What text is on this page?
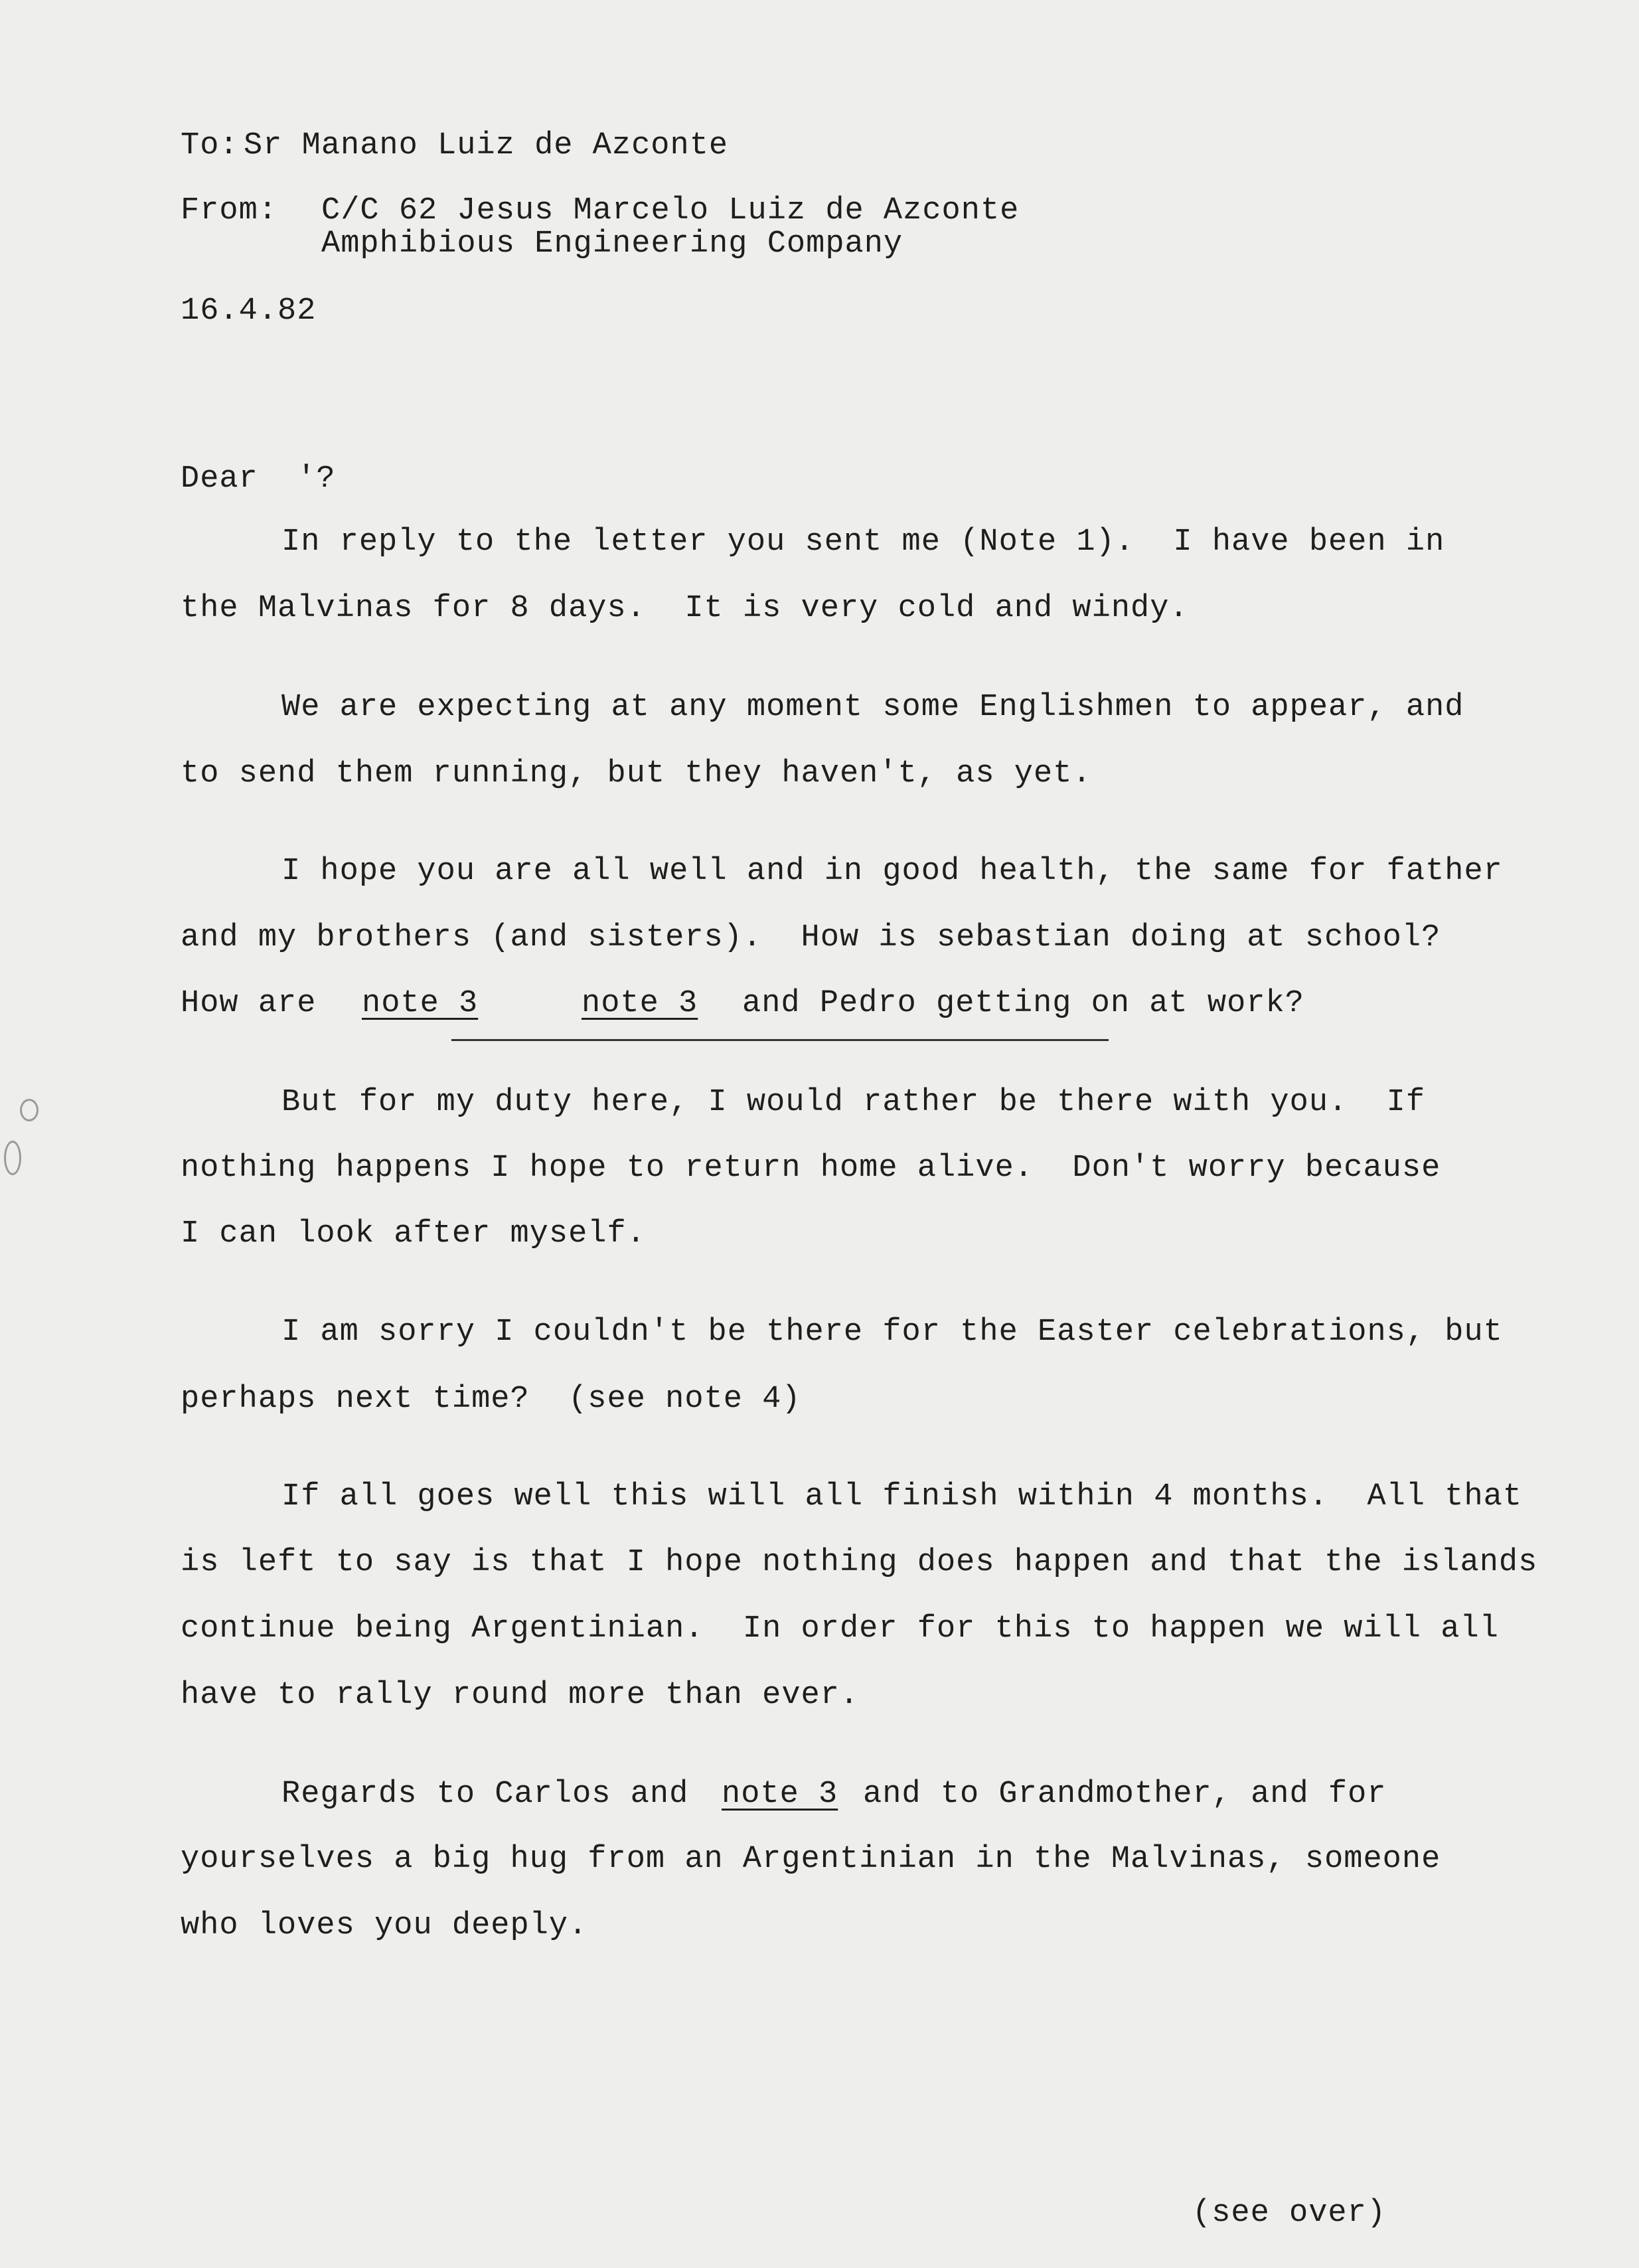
To: Sr Manano Luiz de Azconte
From: C/C 62 Jesus Marcelo Luiz de Azconte
Amphibious Engineering Company
16.4.82
Dear  '?
In reply to the letter you sent me (Note 1).  I have been in
the Malvinas for 8 days.  It is very cold and windy.
We are expecting at any moment some Englishmen to appear, and
to send them running, but they haven't, as yet.
I hope you are all well and in good health, the same for father
and my brothers (and sisters).  How is sebastian doing at school?
How are note 3	note 3 and Pedro getting on at work?
But for my duty here, I would rather be there with you.  If
nothing happens I hope to return home alive.  Don't worry because
I can look after myself.
I am sorry I couldn't be there for the Easter celebrations, but
perhaps next time?  (see note 4)
If all goes well this will all finish within 4 months.  All that
is left to say is that I hope nothing does happen and that the islands
continue being Argentinian.  In order for this to happen we will all
have to rally round more than ever.
Regards to Carlos and note 3 and to Grandmother, and for
yourselves a big hug from an Argentinian in the Malvinas, someone
who loves you deeply.
(see over)
